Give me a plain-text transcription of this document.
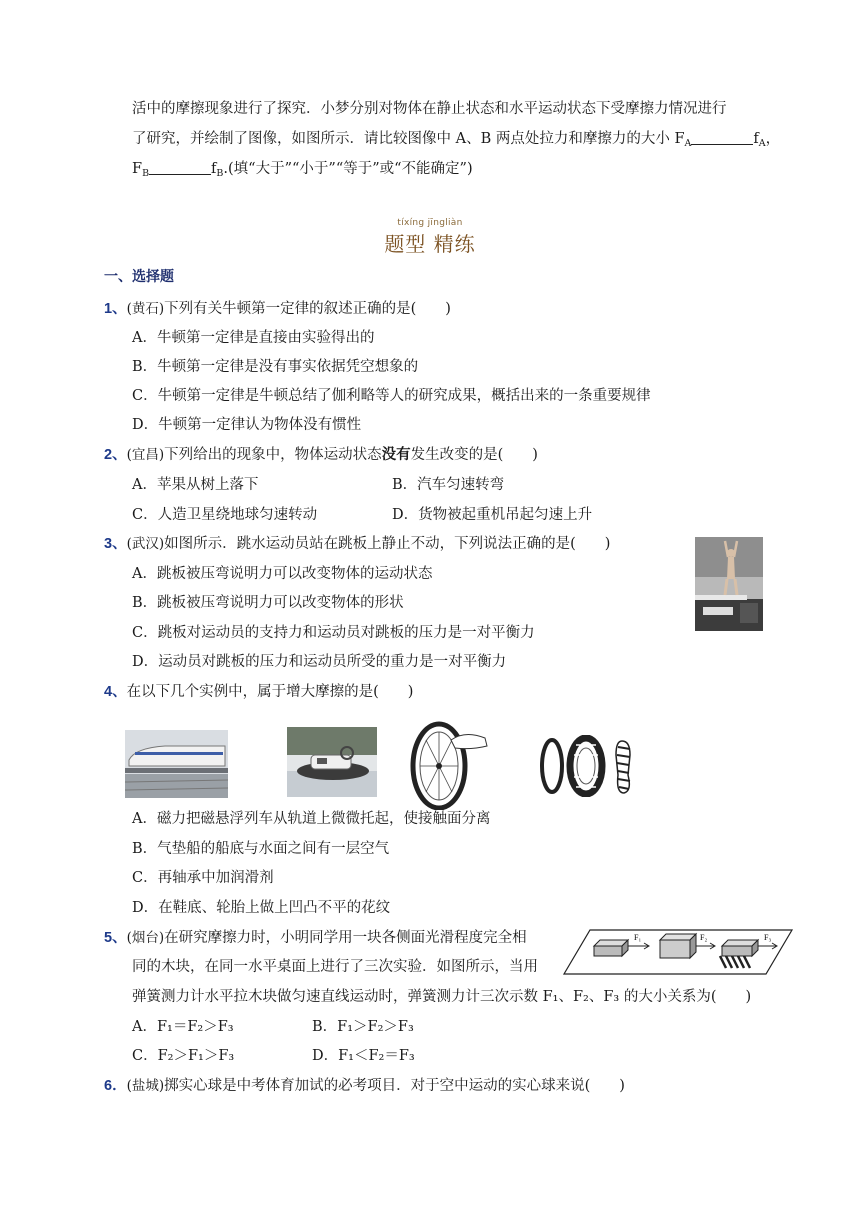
活中的摩擦现象进行了探究．小梦分别对物体在静止状态和水平运动状态下受摩擦力情况进行
了研究，并绘制了图像，如图所示．请比较图像中 A、B 两点处拉力和摩擦力的大小 $F_A$	$f_A$，
$F_B$	$f_B$.(填“大于”“小于”“等于”或“不能确定”)
tíxíng jīngliàn
题型 精练
一、选择题
1、(黄石)下列有关牛顿第一定律的叙述正确的是(　　)
A．牛顿第一定律是直接由实验得出的
B．牛顿第一定律是没有事实依据凭空想象的
C．牛顿第一定律是牛顿总结了伽利略等人的研究成果，概括出来的一条重要规律
D．牛顿第一定律认为物体没有惯性
2、(宜昌)下列给出的现象中，物体运动状态没有发生改变的是(　　)
A．苹果从树上落下	B．汽车匀速转弯
C．人造卫星绕地球匀速转动	D．货物被起重机吊起匀速上升
3、(武汉)如图所示．跳水运动员站在跳板上静止不动，下列说法正确的是(　　)
A．跳板被压弯说明力可以改变物体的运动状态
B．跳板被压弯说明力可以改变物体的形状
C．跳板对运动员的支持力和运动员对跳板的压力是一对平衡力
D．运动员对跳板的压力和运动员所受的重力是一对平衡力
4、在以下几个实例中，属于增大摩擦的是(　　)
A．磁力把磁悬浮列车从轨道上微微托起，使接触面分离
B．气垫船的船底与水面之间有一层空气
C．再轴承中加润滑剂
D．在鞋底、轮胎上做上凹凸不平的花纹
5、(烟台)在研究摩擦力时，小明同学用一块各侧面光滑程度完全相
同的木块，在同一水平桌面上进行了三次实验．如图所示，当用
弹簧测力计水平拉木块做匀速直线运动时，弹簧测力计三次示数 F₁、F₂、F₃ 的大小关系为(　　)
F₁	F₂	F₃
A．F₁＝F₂＞F₃	B．F₁＞F₂＞F₃
C．F₂＞F₁＞F₃	D．F₁＜F₂＝F₃
6．(盐城)掷实心球是中考体育加试的必考项目．对于空中运动的实心球来说(　　)
